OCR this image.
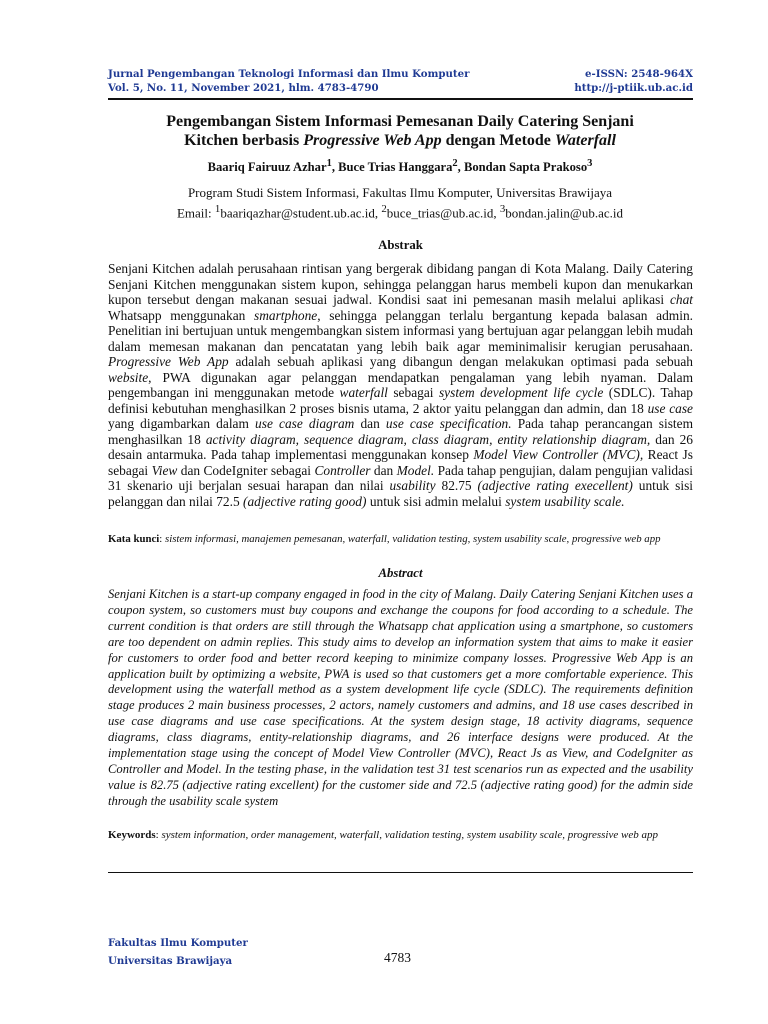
Jurnal Pengembangan Teknologi Informasi dan Ilmu Komputer	e-ISSN: 2548-964X
Vol. 5, No. 11, November 2021, hlm. 4783-4790	http://j-ptiik.ub.ac.id
Pengembangan Sistem Informasi Pemesanan Daily Catering Senjani
Kitchen berbasis Progressive Web App dengan Metode Waterfall
Baariq Fairuuz Azhar$^1$, Buce Trias Hanggara$^2$, Bondan Sapta Prakoso$^3$
Program Studi Sistem Informasi, Fakultas Ilmu Komputer, Universitas Brawijaya
Email: $^1$baariqazhar@student.ub.ac.id, $^2$buce_trias@ub.ac.id, $^3$bondan.jalin@ub.ac.id
Abstrak
Senjani Kitchen adalah perusahaan rintisan yang bergerak dibidang pangan di Kota Malang. Daily Catering Senjani Kitchen menggunakan sistem kupon, sehingga pelanggan harus membeli kupon dan menukarkan kupon tersebut dengan makanan sesuai jadwal. Kondisi saat ini pemesanan masih melalui aplikasi chat Whatsapp menggunakan smartphone, sehingga pelanggan terlalu bergantung kepada balasan admin. Penelitian ini bertujuan untuk mengembangkan sistem informasi yang bertujuan agar pelanggan lebih mudah dalam memesan makanan dan pencatatan yang lebih baik agar meminimalisir kerugian perusahaan. Progressive Web App adalah sebuah aplikasi yang dibangun dengan melakukan optimasi pada sebuah website, PWA digunakan agar pelanggan mendapatkan pengalaman yang lebih nyaman. Dalam pengembangan ini menggunakan metode waterfall sebagai system development life cycle (SDLC). Tahap definisi kebutuhan menghasilkan 2 proses bisnis utama, 2 aktor yaitu pelanggan dan admin, dan 18 use case yang digambarkan dalam use case diagram dan use case specification. Pada tahap perancangan sistem menghasilkan 18 activity diagram, sequence diagram, class diagram, entity relationship diagram, dan 26 desain antarmuka. Pada tahap implementasi menggunakan konsep Model View Controller (MVC), React Js sebagai View dan CodeIgniter sebagai Controller dan Model. Pada tahap pengujian, dalam pengujian validasi 31 skenario uji berjalan sesuai harapan dan nilai usability 82.75 (adjective rating execellent) untuk sisi pelanggan dan nilai 72.5 (adjective rating good) untuk sisi admin melalui system usability scale.
Kata kunci: sistem informasi, manajemen pemesanan, waterfall, validation testing, system usability scale, progressive web app
Abstract
Senjani Kitchen is a start-up company engaged in food in the city of Malang. Daily Catering Senjani Kitchen uses a coupon system, so customers must buy coupons and exchange the coupons for food according to a schedule. The current condition is that orders are still through the Whatsapp chat application using a smartphone, so customers are too dependent on admin replies. This study aims to develop an information system that aims to make it easier for customers to order food and better record keeping to minimize company losses. Progressive Web App is an application built by optimizing a website, PWA is used so that customers get a more comfortable experience. This development using the waterfall method as a system development life cycle (SDLC). The requirements definition stage produces 2 main business processes, 2 actors, namely customers and admins, and 18 use cases described in use case diagrams and use case specifications. At the system design stage, 18 activity diagrams, sequence diagrams, class diagrams, entity-relationship diagrams, and 26 interface designs were produced. At the implementation stage using the concept of Model View Controller (MVC), React Js as View, and CodeIgniter as Controller and Model. In the testing phase, in the validation test 31 test scenarios run as expected and the usability value is 82.75 (adjective rating excellent) for the customer side and 72.5 (adjective rating good) for the admin side through the usability scale system
Keywords: system information, order management, waterfall, validation testing, system usability scale, progressive web app
Fakultas Ilmu Komputer
Universitas Brawijaya	4783
